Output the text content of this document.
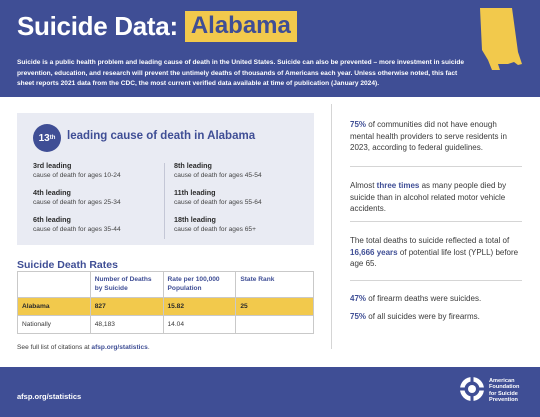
Suicide Data: Alabama

Suicide is a public health problem and leading cause of death in the United States. Suicide can also be prevented – more investment in suicide prevention, education, and research will prevent the untimely deaths of thousands of Americans each year. Unless otherwise noted, this fact sheet reports 2021 data from the CDC, the most current verified data available at time of publication (January 2024).

13 th leading cause of death in Alabama
3rd leading
cause of death for ages 10-24
4th leading
cause of death for ages 25-34
6th leading
cause of death for ages 35-44
8th leading
cause of death for ages 45-54
11th leading
cause of death for ages 55-64
18th leading
cause of death for ages 65+
Suicide Death Rates
	Number of Deaths by Suicide	Rate per 100,000 Population	State Rank
Alabama	827	15.82	25
Nationally	48,183	14.04	
See full list of citations at afsp.org/statistics.

75% of communities did not have enough mental health providers to serve residents in 2023, according to federal guidelines.

Almost three times as many people died by suicide than in alcohol related motor vehicle accidents.

The total deaths to suicide reflected a total of 16,666 years of potential life lost (YPLL) before age 65.

47% of firearm deaths were suicides.

75% of all suicides were by firearms.

afsp.org/statistics
American
Foundation
for Suicide
Prevention
